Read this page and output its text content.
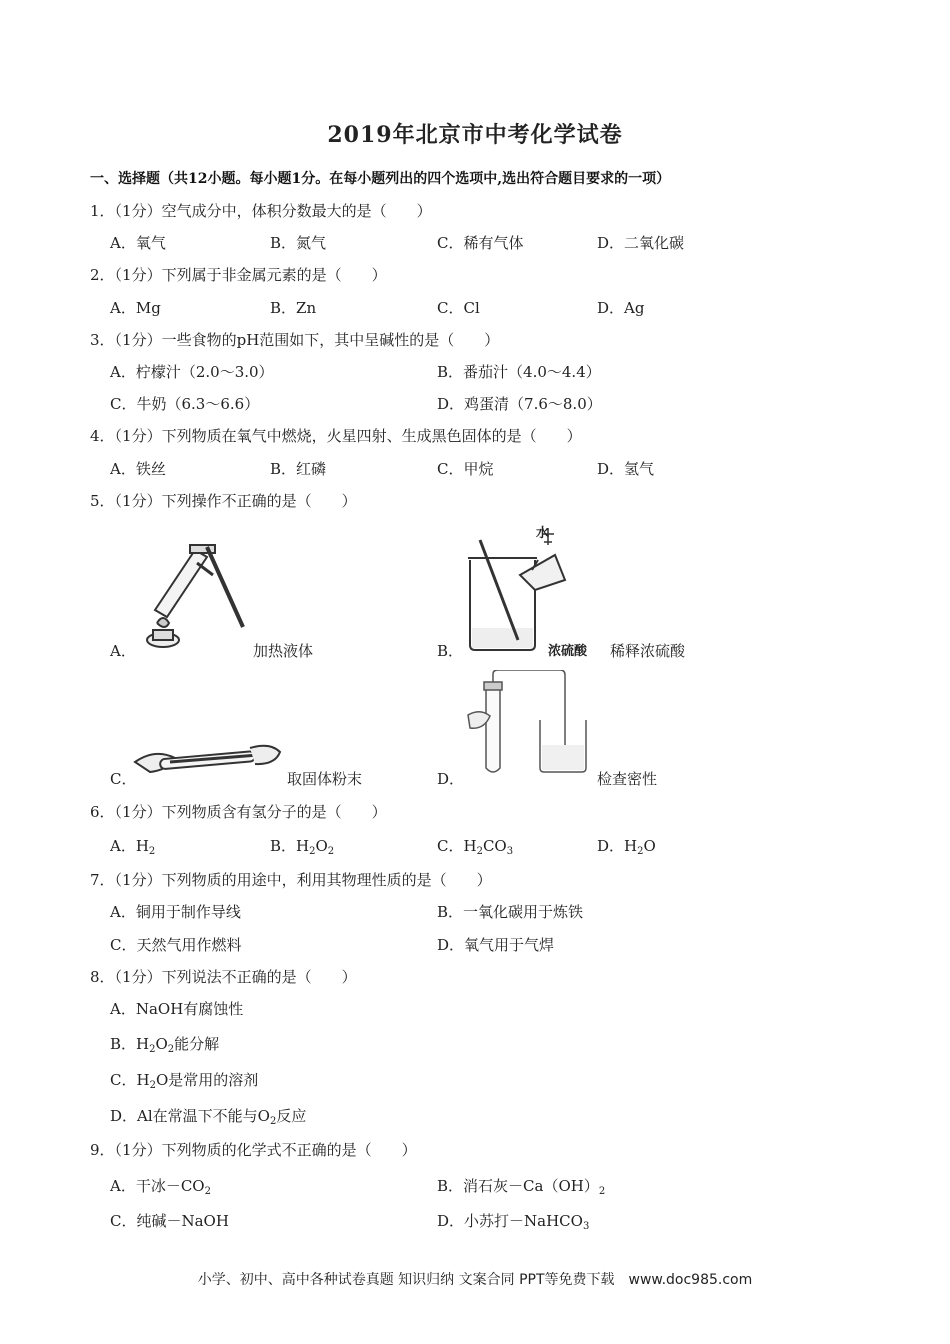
2019年北京市中考化学试卷
一、选择题（共12小题。每小题1分。在每小题列出的四个选项中,选出符合题目要求的一项）
1．（1分）空气成分中，体积分数最大的是（　　）
A．氧气	B．氮气	C．稀有气体	D．二氧化碳
2．（1分）下列属于非金属元素的是（　　）
A．Mg	B．Zn	C．Cl	D．Ag
3．（1分）一些食物的pH范围如下，其中呈碱性的是（　　）
A．柠檬汁（2.0～3.0）	B．番茄汁（4.0～4.4）
C．牛奶（6.3～6.6）	D．鸡蛋清（7.6～8.0）
4．（1分）下列物质在氧气中燃烧，火星四射、生成黑色固体的是（　　）
A．铁丝	B．红磷	C．甲烷	D．氢气
5．（1分）下列操作不正确的是（　　）
A．	加热液体
水
浓硫酸
B．	稀释浓硫酸
C．	取固体粉末	D．	检查密性
6．（1分）下列物质含有氢分子的是（　　）
A．$H_2$	B．$H_2O_2$	C．$H_2CO_3$	D．$H_2O$
7．（1分）下列物质的用途中，利用其物理性质的是（　　）
A．铜用于制作导线	B．一氧化碳用于炼铁
C．天然气用作燃料	D．氧气用于气焊
8．（1分）下列说法不正确的是（　　）
A．NaOH有腐蚀性
B．$H_2O_2$能分解
C．$H_2O$是常用的溶剂
D．Al在常温下不能与$O_2$反应
9．（1分）下列物质的化学式不正确的是（　　）
A．干冰$-CO_2$	B．消石灰$-Ca(OH)_2$
C．纯碱－NaOH	D．小苏打－NaHCO$_3$
小学、初中、高中各种试卷真题 知识归纳 文案合同 PPT等免费下载　www.doc985.com
